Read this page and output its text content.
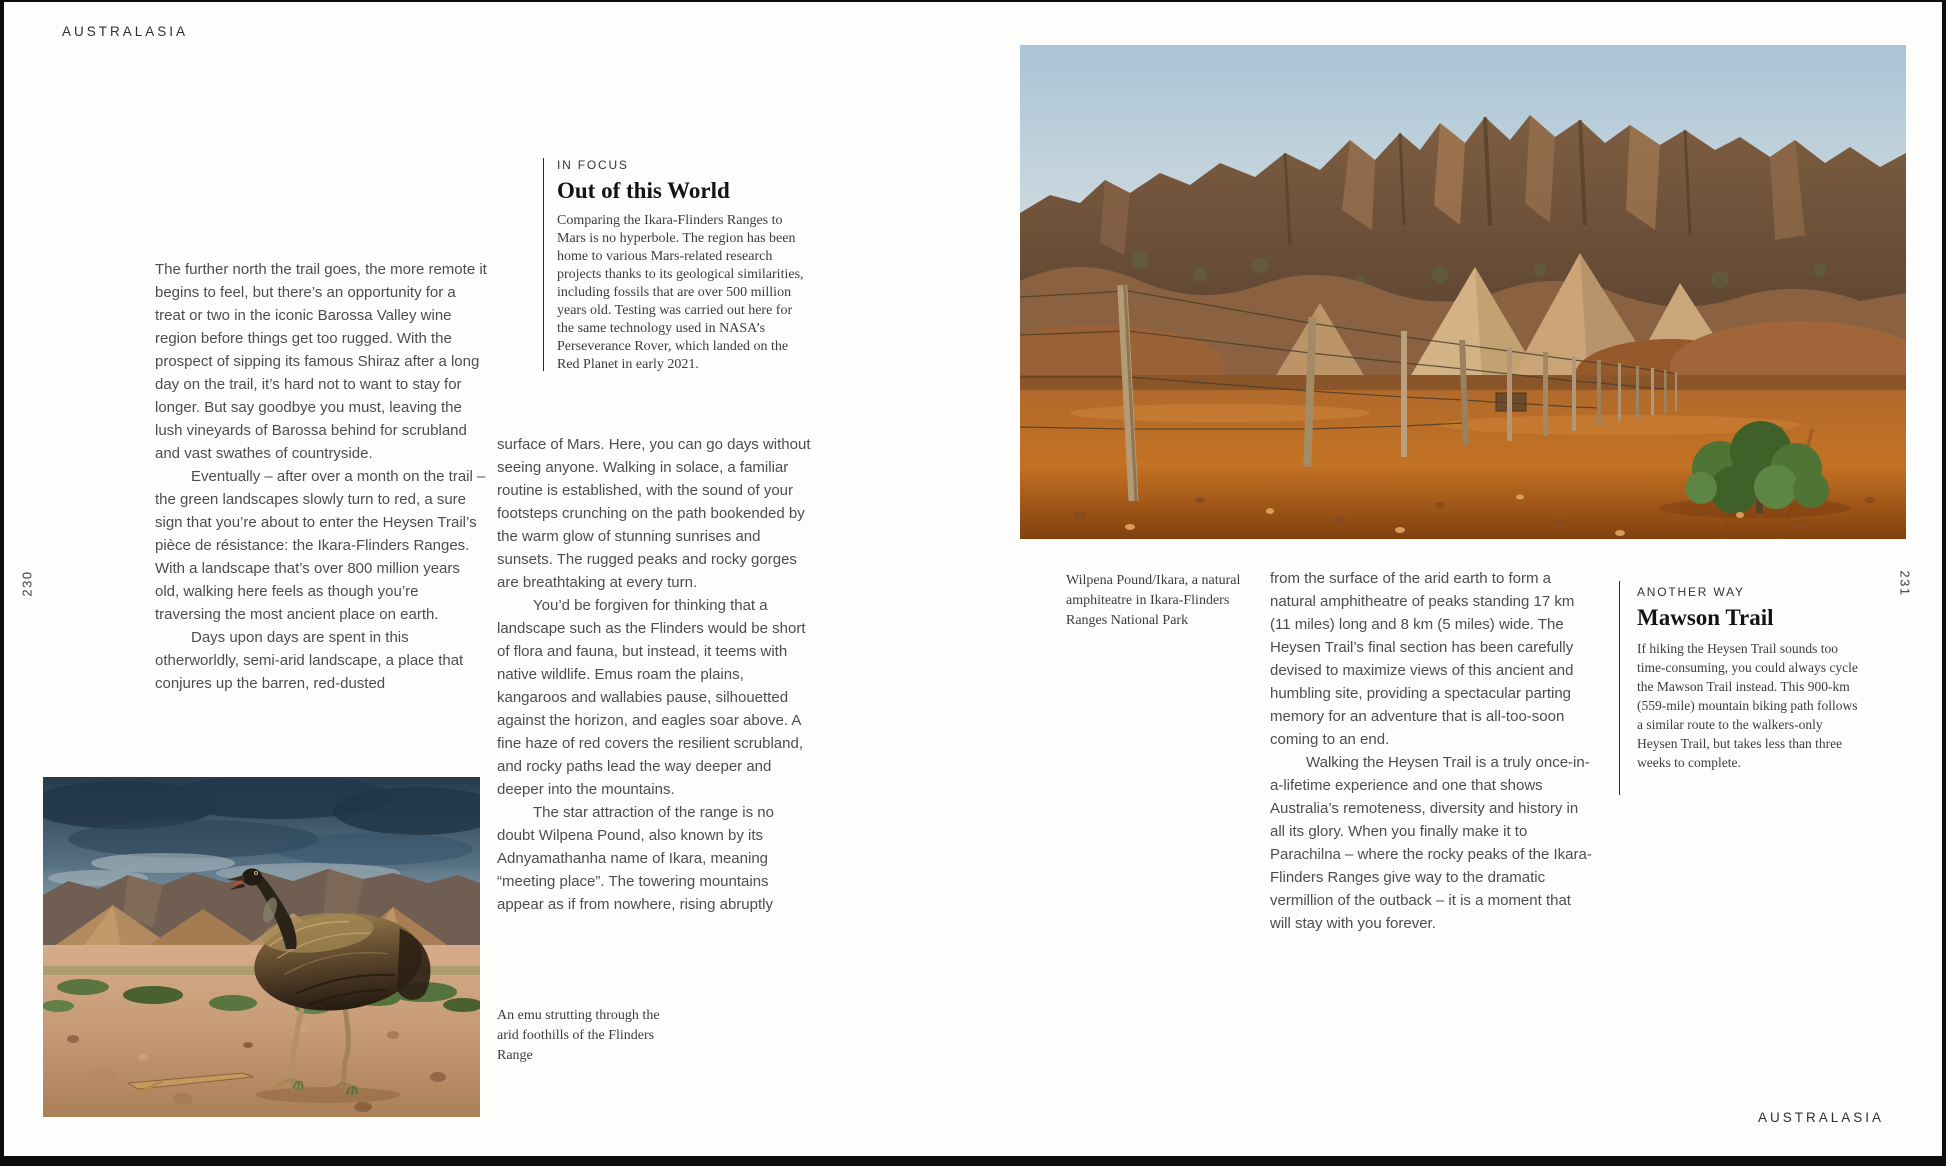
AUSTRALASIA
230	231
AUSTRALASIA

The further north the trail goes, the more remote it begins to feel, but there’s an opportunity for a treat or two in the iconic Barossa Valley wine region before things get too rugged. With the prospect of sipping its famous Shiraz after a long day on the trail, it’s hard not to want to stay for longer. But say goodbye you must, leaving the lush vineyards of Barossa behind for scrubland and vast swathes of countryside.

Eventually – after over a month on the trail – the green landscapes slowly turn to red, a sure sign that you’re about to enter the Heysen Trail’s pièce de résistance: the Ikara-Flinders Ranges. With a landscape that’s over 800 million years old, walking here feels as though you’re traversing the most ancient place on earth.

Days upon days are spent in this otherworldly, semi-arid landscape, a place that conjures up the barren, red-dusted

IN FOCUS

Out of this World

Comparing the Ikara-Flinders Ranges to Mars is no hyperbole. The region has been home to various Mars-related research projects thanks to its geological similarities, including fossils that are over 500 million years old. Testing was carried out here for the same technology used in NASA’s Perseverance Rover, which landed on the Red Planet in early 2021.

surface of Mars. Here, you can go days without seeing anyone. Walking in solace, a familiar routine is established, with the sound of your footsteps crunching on the path bookended by the warm glow of stunning sunrises and sunsets. The rugged peaks and rocky gorges are breathtaking at every turn.

You’d be forgiven for thinking that a landscape such as the Flinders would be short of flora and fauna, but instead, it teems with native wildlife. Emus roam the plains, kangaroos and wallabies pause, silhouetted against the horizon, and eagles soar above. A fine haze of red covers the resilient scrubland, and rocky paths lead the way deeper and deeper into the mountains.

The star attraction of the range is no doubt Wilpena Pound, also known by its Adnyamathanha name of Ikara, meaning “meeting place”. The towering mountains appear as if from nowhere, rising abruptly

An emu strutting through the arid foothills of the Flinders Range
Wilpena Pound/Ikara, a natural amphiteatre in Ikara-Flinders Ranges National Park

from the surface of the arid earth to form a natural amphitheatre of peaks standing 17 km (11 miles) long and 8 km (5 miles) wide. The Heysen Trail’s final section has been carefully devised to maximize views of this ancient and humbling site, providing a spectacular parting memory for an adventure that is all-too-soon coming to an end.

Walking the Heysen Trail is a truly once-in-a-lifetime experience and one that shows Australia’s remoteness, diversity and history in all its glory. When you finally make it to Parachilna – where the rocky peaks of the Ikara-Flinders Ranges give way to the dramatic vermillion of the outback – it is a moment that will stay with you forever.

ANOTHER WAY

Mawson Trail

If hiking the Heysen Trail sounds too time-consuming, you could always cycle the Mawson Trail instead. This 900-km (559-mile) mountain biking path follows a similar route to the walkers-only Heysen Trail, but takes less than three weeks to complete.
